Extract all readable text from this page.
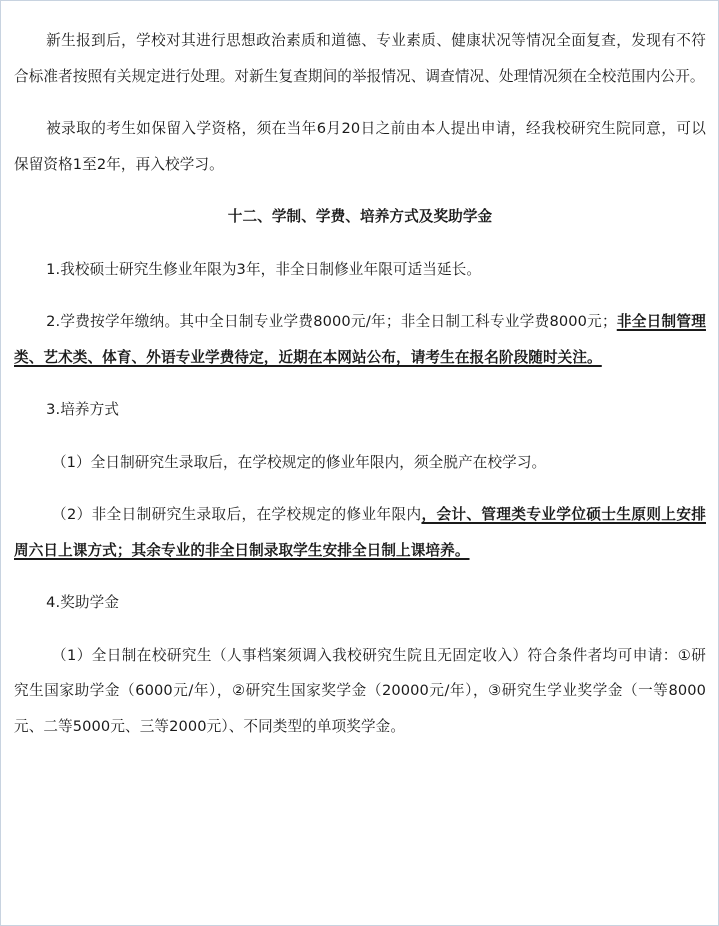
新生报到后，学校对其进行思想政治素质和道德、专业素质、健康状况等情况全面复查，发现有不符合标准者按照有关规定进行处理。对新生复查期间的举报情况、调查情况、处理情况须在全校范围内公开。

被录取的考生如保留入学资格，须在当年6月20日之前由本人提出申请，经我校研究生院同意，可以保留资格1至2年，再入校学习。

十二、学制、学费、培养方式及奖助学金

1.我校硕士研究生修业年限为3年，非全日制修业年限可适当延长。

2.学费按学年缴纳。其中全日制专业学费8000元/年；非全日制工科专业学费8000元；非全日制管理类、艺术类、体育、外语专业学费待定，近期在本网站公布，请考生在报名阶段随时关注。

3.培养方式

（1）全日制研究生录取后，在学校规定的修业年限内，须全脱产在校学习。

（2）非全日制研究生录取后，在学校规定的修业年限内，会计、管理类专业学位硕士生原则上安排周六日上课方式；其余专业的非全日制录取学生安排全日制上课培养。

4.奖助学金

（1）全日制在校研究生（人事档案须调入我校研究生院且无固定收入）符合条件者均可申请：①研究生国家助学金（6000元/年），②研究生国家奖学金（20000元/年），③研究生学业奖学金（一等8000元、二等5000元、三等2000元）、不同类型的单项奖学金。
